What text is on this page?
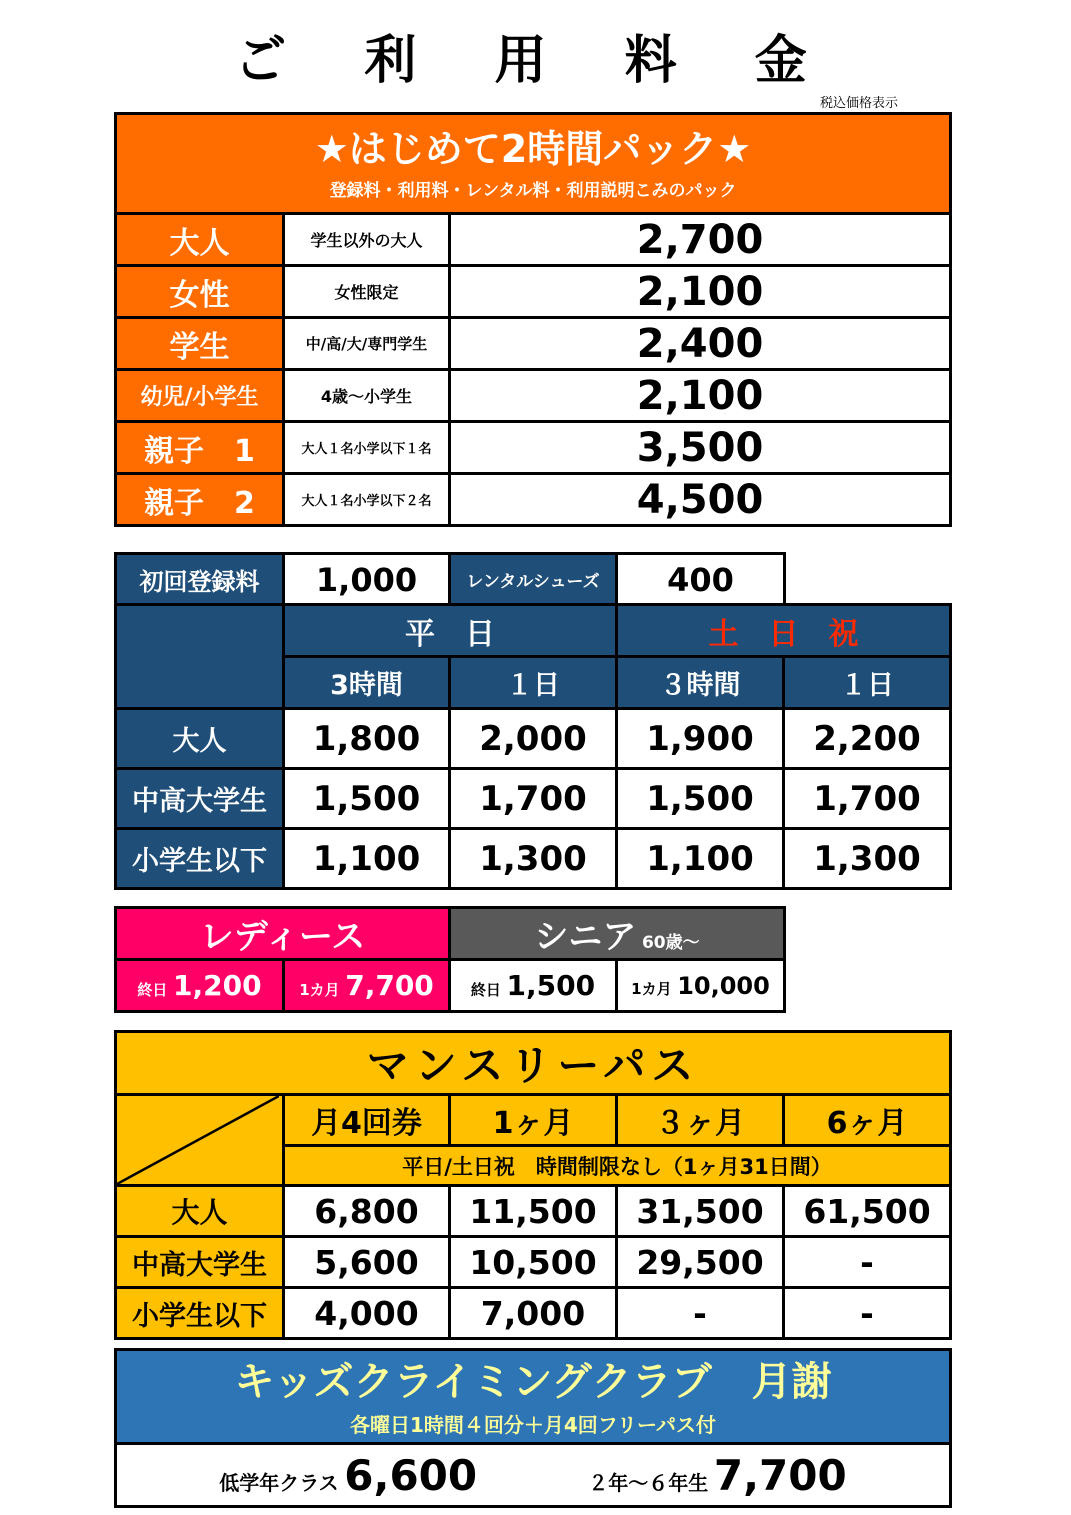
ご 利 用 料 金
税込価格表示
★はじめて2時間パック★
登録料・利用料・レンタル料・利用説明こみのパック		

大人	学生以外の大人	2,700
女性	女性限定	2,100
学生	中/高/大/専門学生	2,400
幼児/小学生	4歳～小学生	2,100
親子　1	大人１名小学以下１名	3,500
親子　2	大人１名小学以下２名	4,500
初回登録料	1,000	レンタルシューズ	400
	平　日		土　日　祝	
	3時間	１日	３時間	１日
大人	1,800	2,000	1,900	2,200
中高大学生	1,500	1,700	1,500	1,700
小学生以下	1,100	1,300	1,100	1,300
レディース		シニア 60歳～	
終日 1,200	1カ月 7,700	終日 1,500	1カ月 10,000
マンスリーパス				

	月4回券	1ヶ月	３ヶ月	6ヶ月
	平日/土日祝　時間制限なし（1ヶ月31日間）			
大人	6,800	11,500	31,500	61,500
中高大学生	5,600	10,500	29,500	-
小学生以下	4,000	7,000	-	-
キッズクライミングクラブ　月謝
各曜日1時間４回分＋月4回フリーパス付

低学年クラス 6,600	２年～６年生 7,700
